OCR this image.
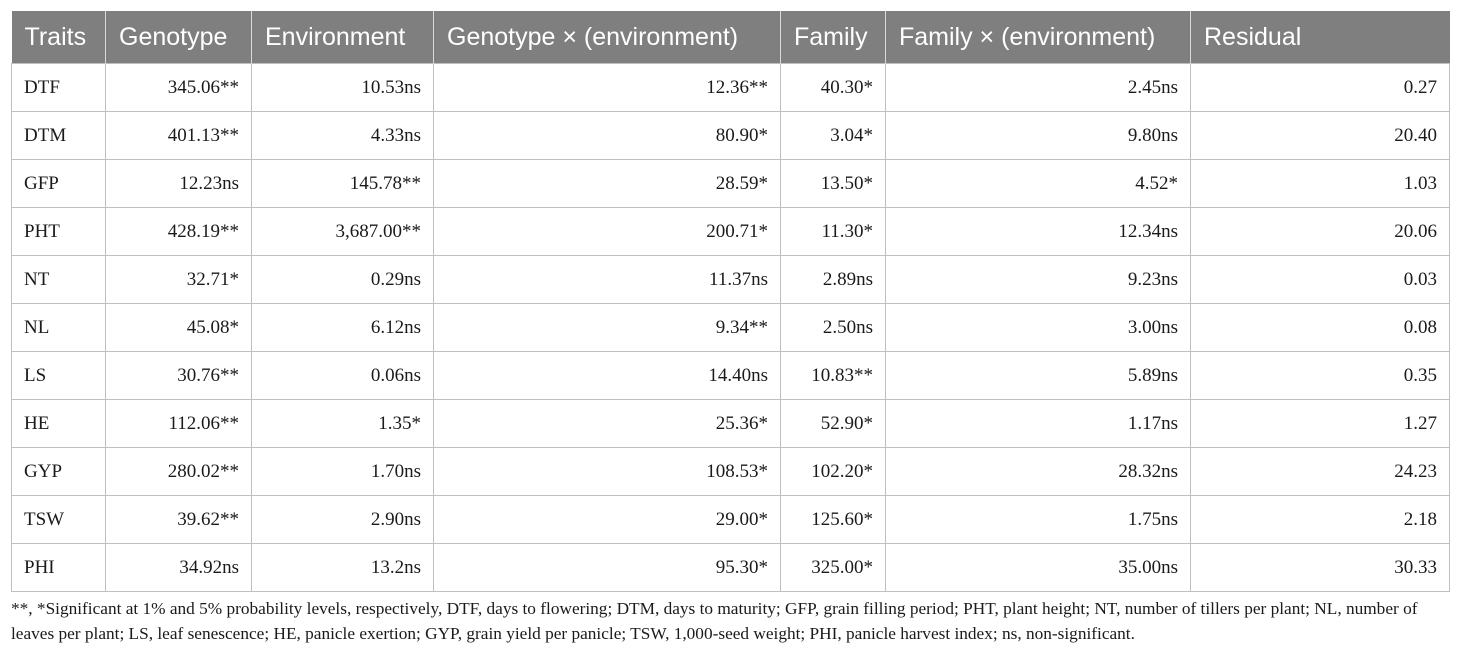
Traits	Genotype	Environment	Genotype × (environment)	Family	Family × (environment)	Residual
DTF	345.06**	10.53ns	12.36**	40.30*	2.45ns	0.27
DTM	401.13**	4.33ns	80.90*	3.04*	9.80ns	20.40
GFP	12.23ns	145.78**	28.59*	13.50*	4.52*	1.03
PHT	428.19**	3,687.00**	200.71*	11.30*	12.34ns	20.06
NT	32.71*	0.29ns	11.37ns	2.89ns	9.23ns	0.03
NL	45.08*	6.12ns	9.34**	2.50ns	3.00ns	0.08
LS	30.76**	0.06ns	14.40ns	10.83**	5.89ns	0.35
HE	112.06**	1.35*	25.36*	52.90*	1.17ns	1.27
GYP	280.02**	1.70ns	108.53*	102.20*	28.32ns	24.23
TSW	39.62**	2.90ns	29.00*	125.60*	1.75ns	2.18
PHI	34.92ns	13.2ns	95.30*	325.00*	35.00ns	30.33
**, *Significant at 1% and 5% probability levels, respectively, DTF, days to flowering; DTM, days to maturity; GFP, grain filling period; PHT, plant height; NT, number of tillers per plant; NL, number of leaves per plant; LS, leaf senescence; HE, panicle exertion; GYP, grain yield per panicle; TSW, 1,000-seed weight; PHI, panicle harvest index; ns, non-significant.
